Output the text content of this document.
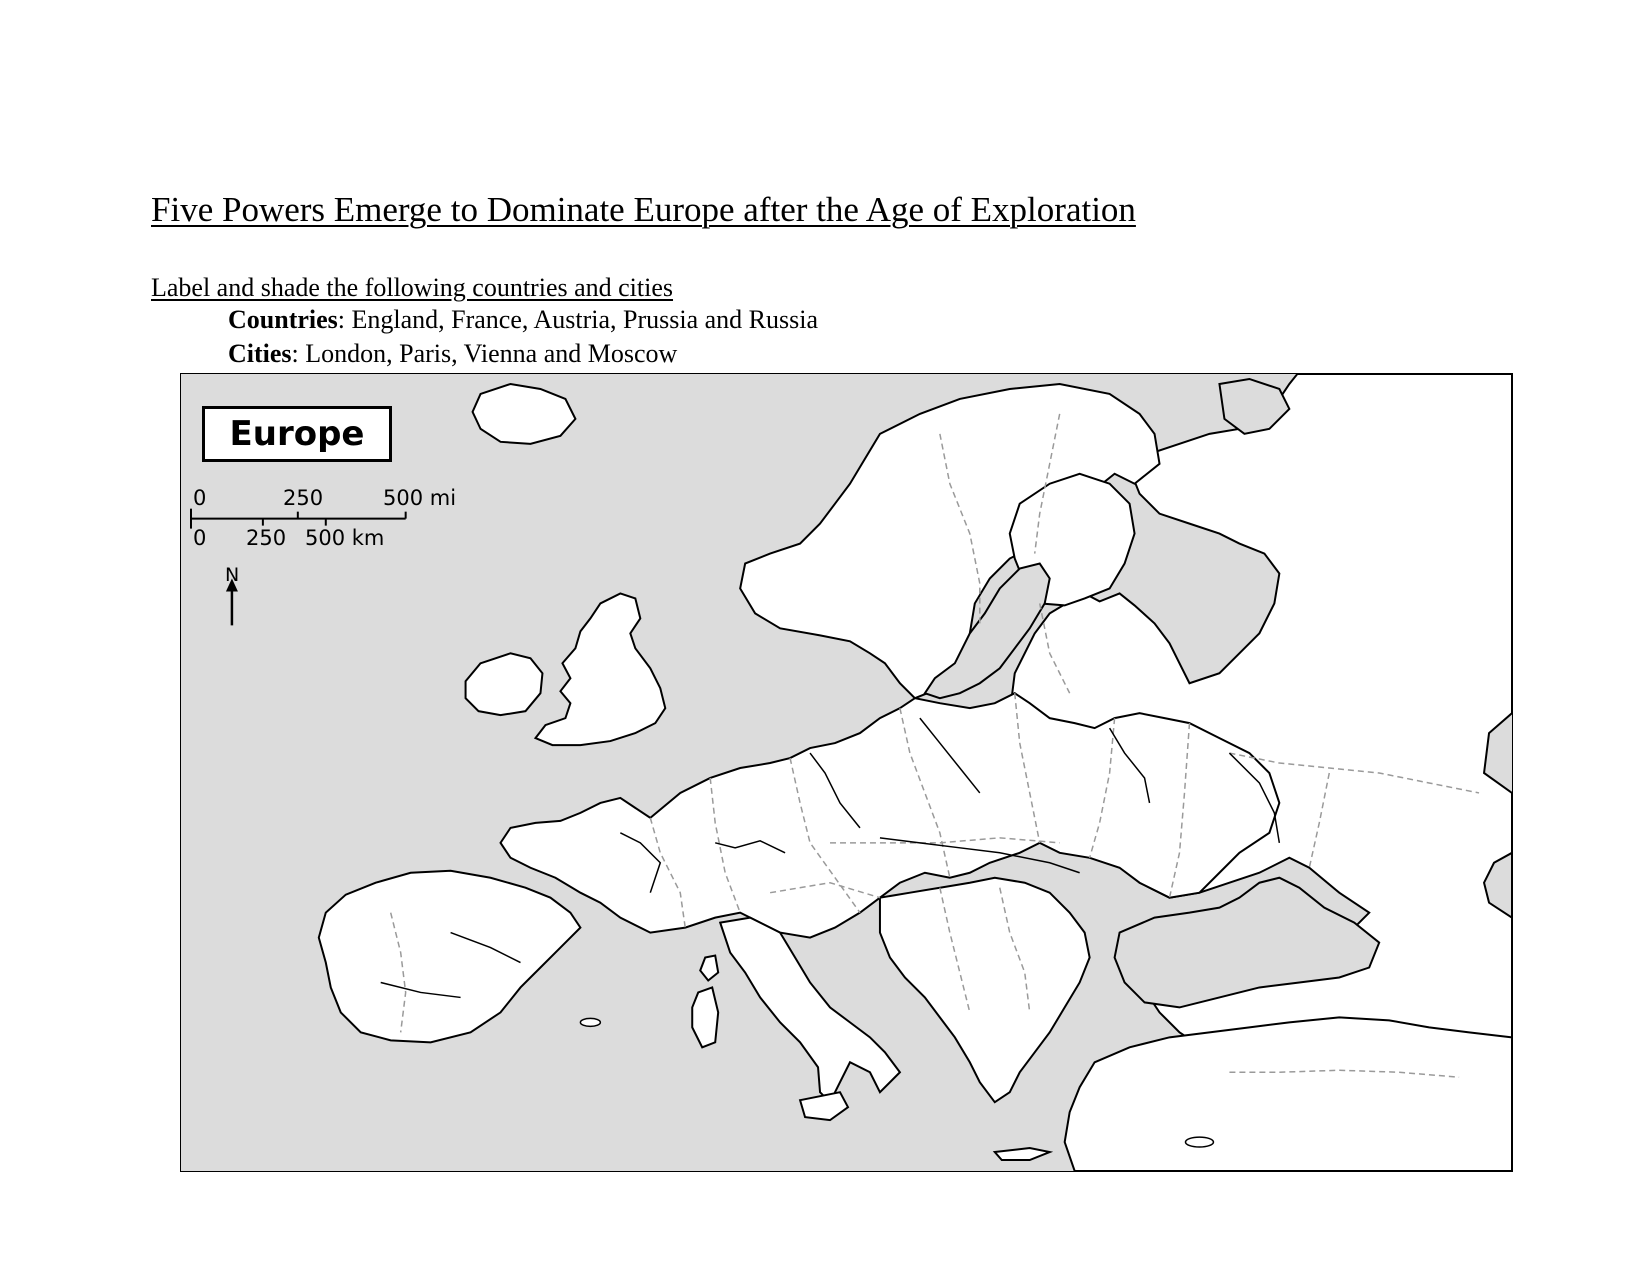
Five Powers Emerge to Dominate Europe after the Age of Exploration
Label and shade the following countries and cities
Countries: England, France, Austria, Prussia and Russia
Cities: London, Paris, Vienna and Moscow
Europe
0	250	500 mi
0 250 500 km
N
